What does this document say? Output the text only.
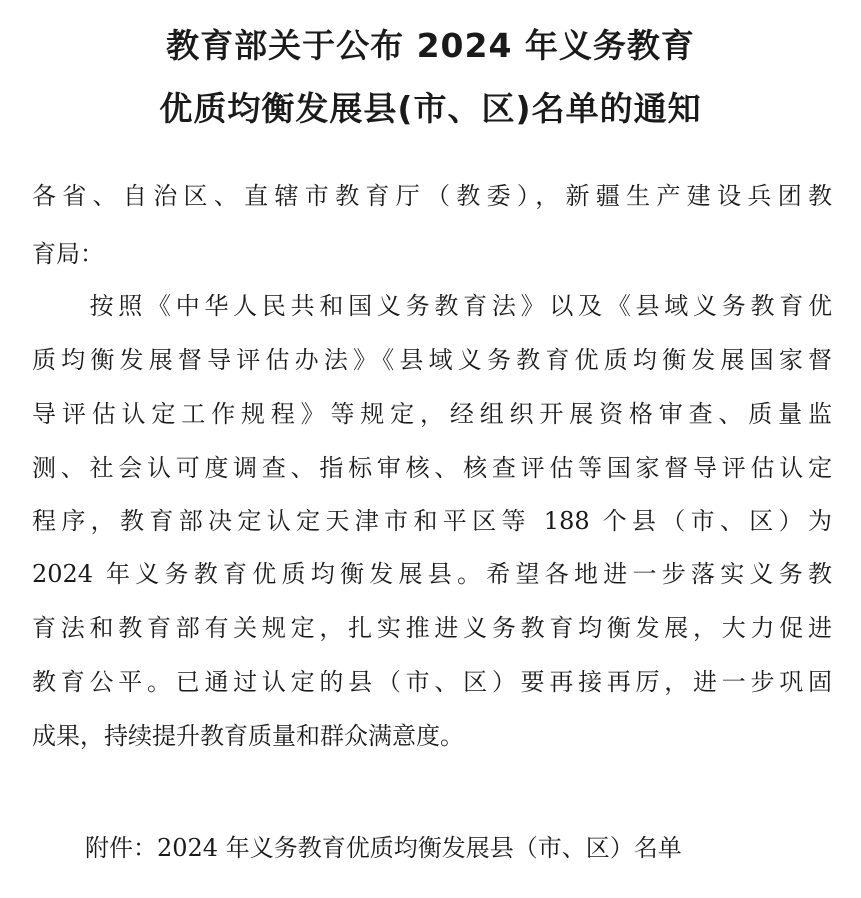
教育部关于公布 2024 年义务教育
优质均衡发展县(市、区)名单的通知
各省、自治区、直辖市教育厅（教委），新疆生产建设兵团教
育局：
　　按照《中华人民共和国义务教育法》以及《县域义务教育优
质均衡发展督导评估办法》《县域义务教育优质均衡发展国家督
导评估认定工作规程》等规定，经组织开展资格审查、质量监
测、社会认可度调查、指标审核、核查评估等国家督导评估认定
程序，教育部决定认定天津市和平区等 188 个县（市、区）为
2024 年义务教育优质均衡发展县。希望各地进一步落实义务教
育法和教育部有关规定，扎实推进义务教育均衡发展，大力促进
教育公平。已通过认定的县（市、区）要再接再厉，进一步巩固
成果，持续提升教育质量和群众满意度。
附件：2024 年义务教育优质均衡发展县（市、区）名单
